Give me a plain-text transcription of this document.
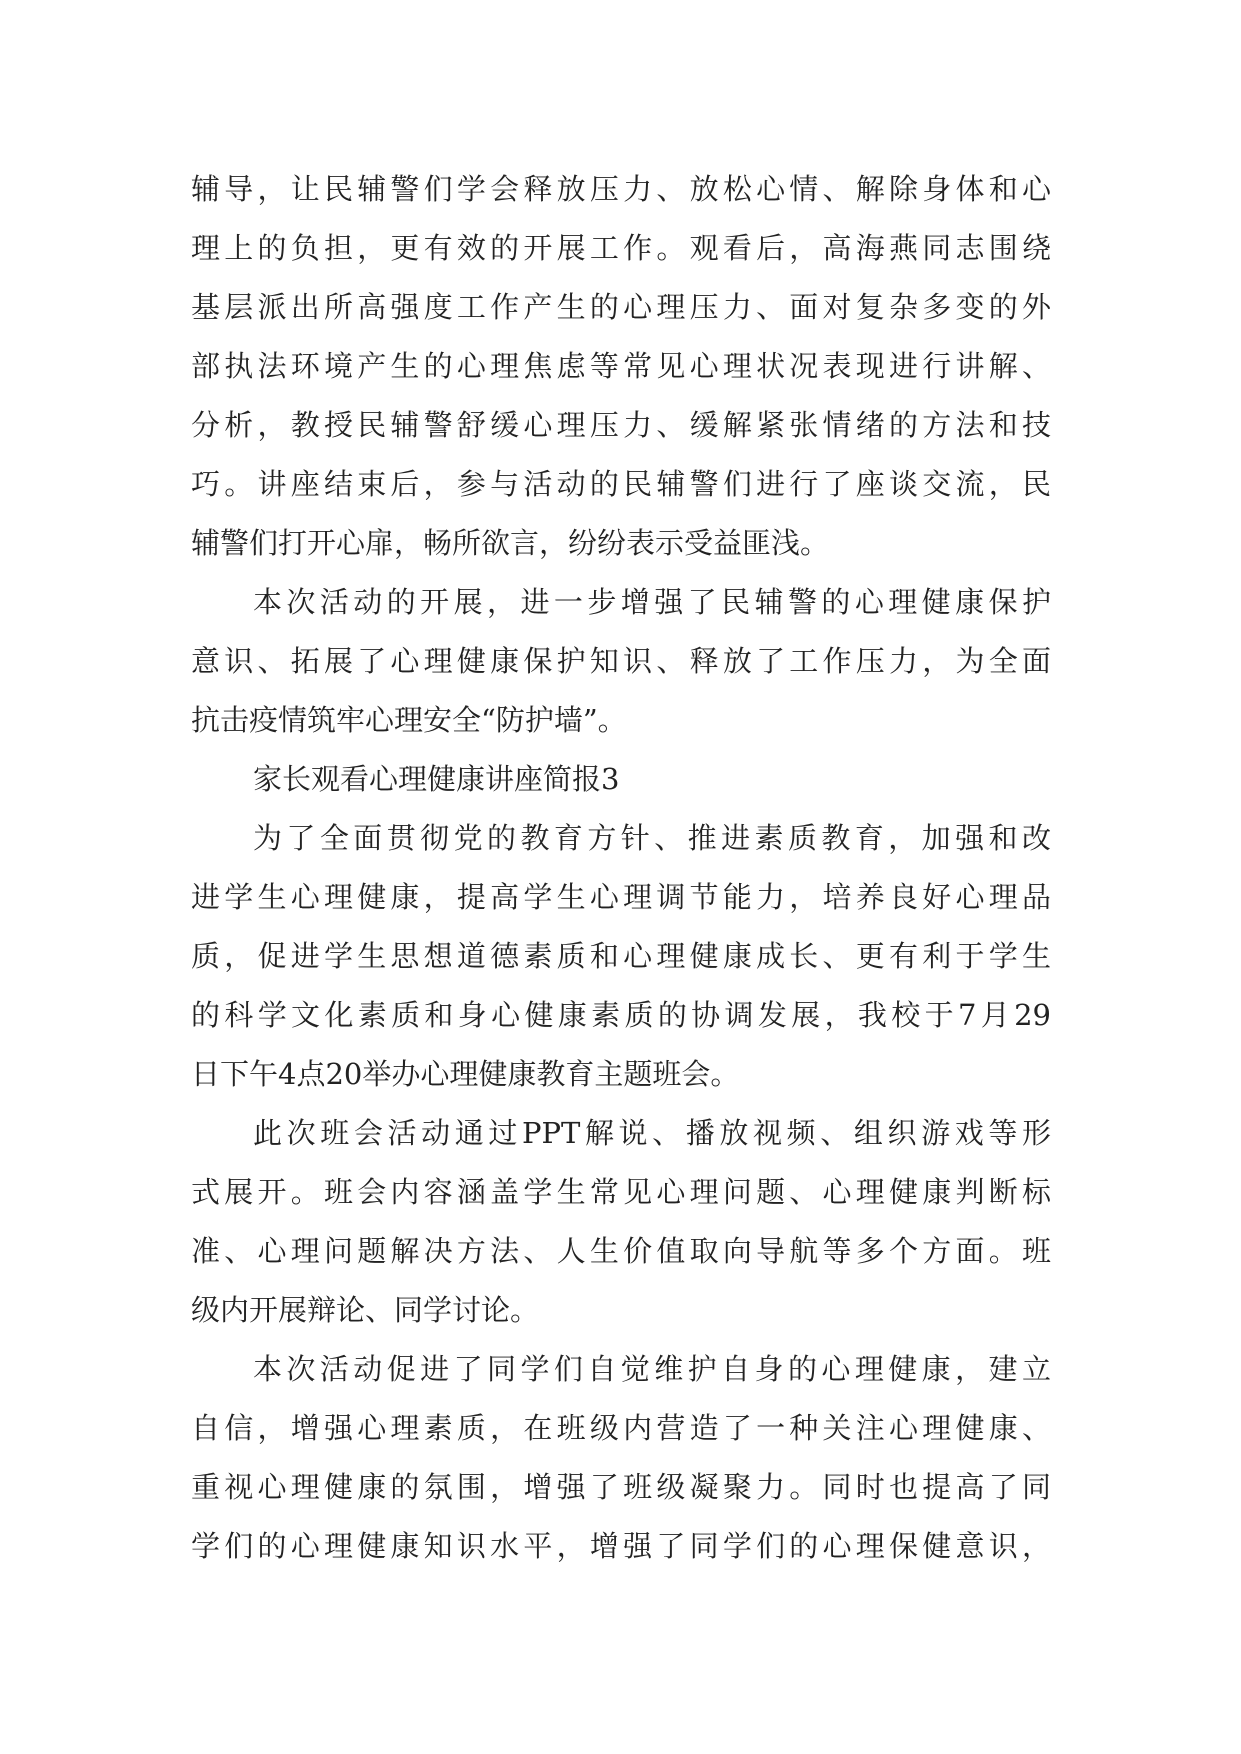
辅导，让民辅警们学会释放压力、放松心情、解除身体和心
理上的负担，更有效的开展工作。观看后，高海燕同志围绕
基层派出所高强度工作产生的心理压力、面对复杂多变的外
部执法环境产生的心理焦虑等常见心理状况表现进行讲解、
分析，教授民辅警舒缓心理压力、缓解紧张情绪的方法和技
巧。讲座结束后，参与活动的民辅警们进行了座谈交流，民
辅警们打开心扉，畅所欲言，纷纷表示受益匪浅。
本次活动的开展，进一步增强了民辅警的心理健康保护
意识、拓展了心理健康保护知识、释放了工作压力，为全面
抗击疫情筑牢心理安全“防护墙”。
家长观看心理健康讲座简报3
为了全面贯彻党的教育方针、推进素质教育，加强和改
进学生心理健康，提高学生心理调节能力，培养良好心理品
质，促进学生思想道德素质和心理健康成长、更有利于学生
的科学文化素质和身心健康素质的协调发展，我校于7月29
日下午4点20举办心理健康教育主题班会。
此次班会活动通过PPT解说、播放视频、组织游戏等形
式展开。班会内容涵盖学生常见心理问题、心理健康判断标
准、心理问题解决方法、人生价值取向导航等多个方面。班
级内开展辩论、同学讨论。
本次活动促进了同学们自觉维护自身的心理健康，建立
自信，增强心理素质，在班级内营造了一种关注心理健康、
重视心理健康的氛围，增强了班级凝聚力。同时也提高了同
学们的心理健康知识水平，增强了同学们的心理保健意识，
